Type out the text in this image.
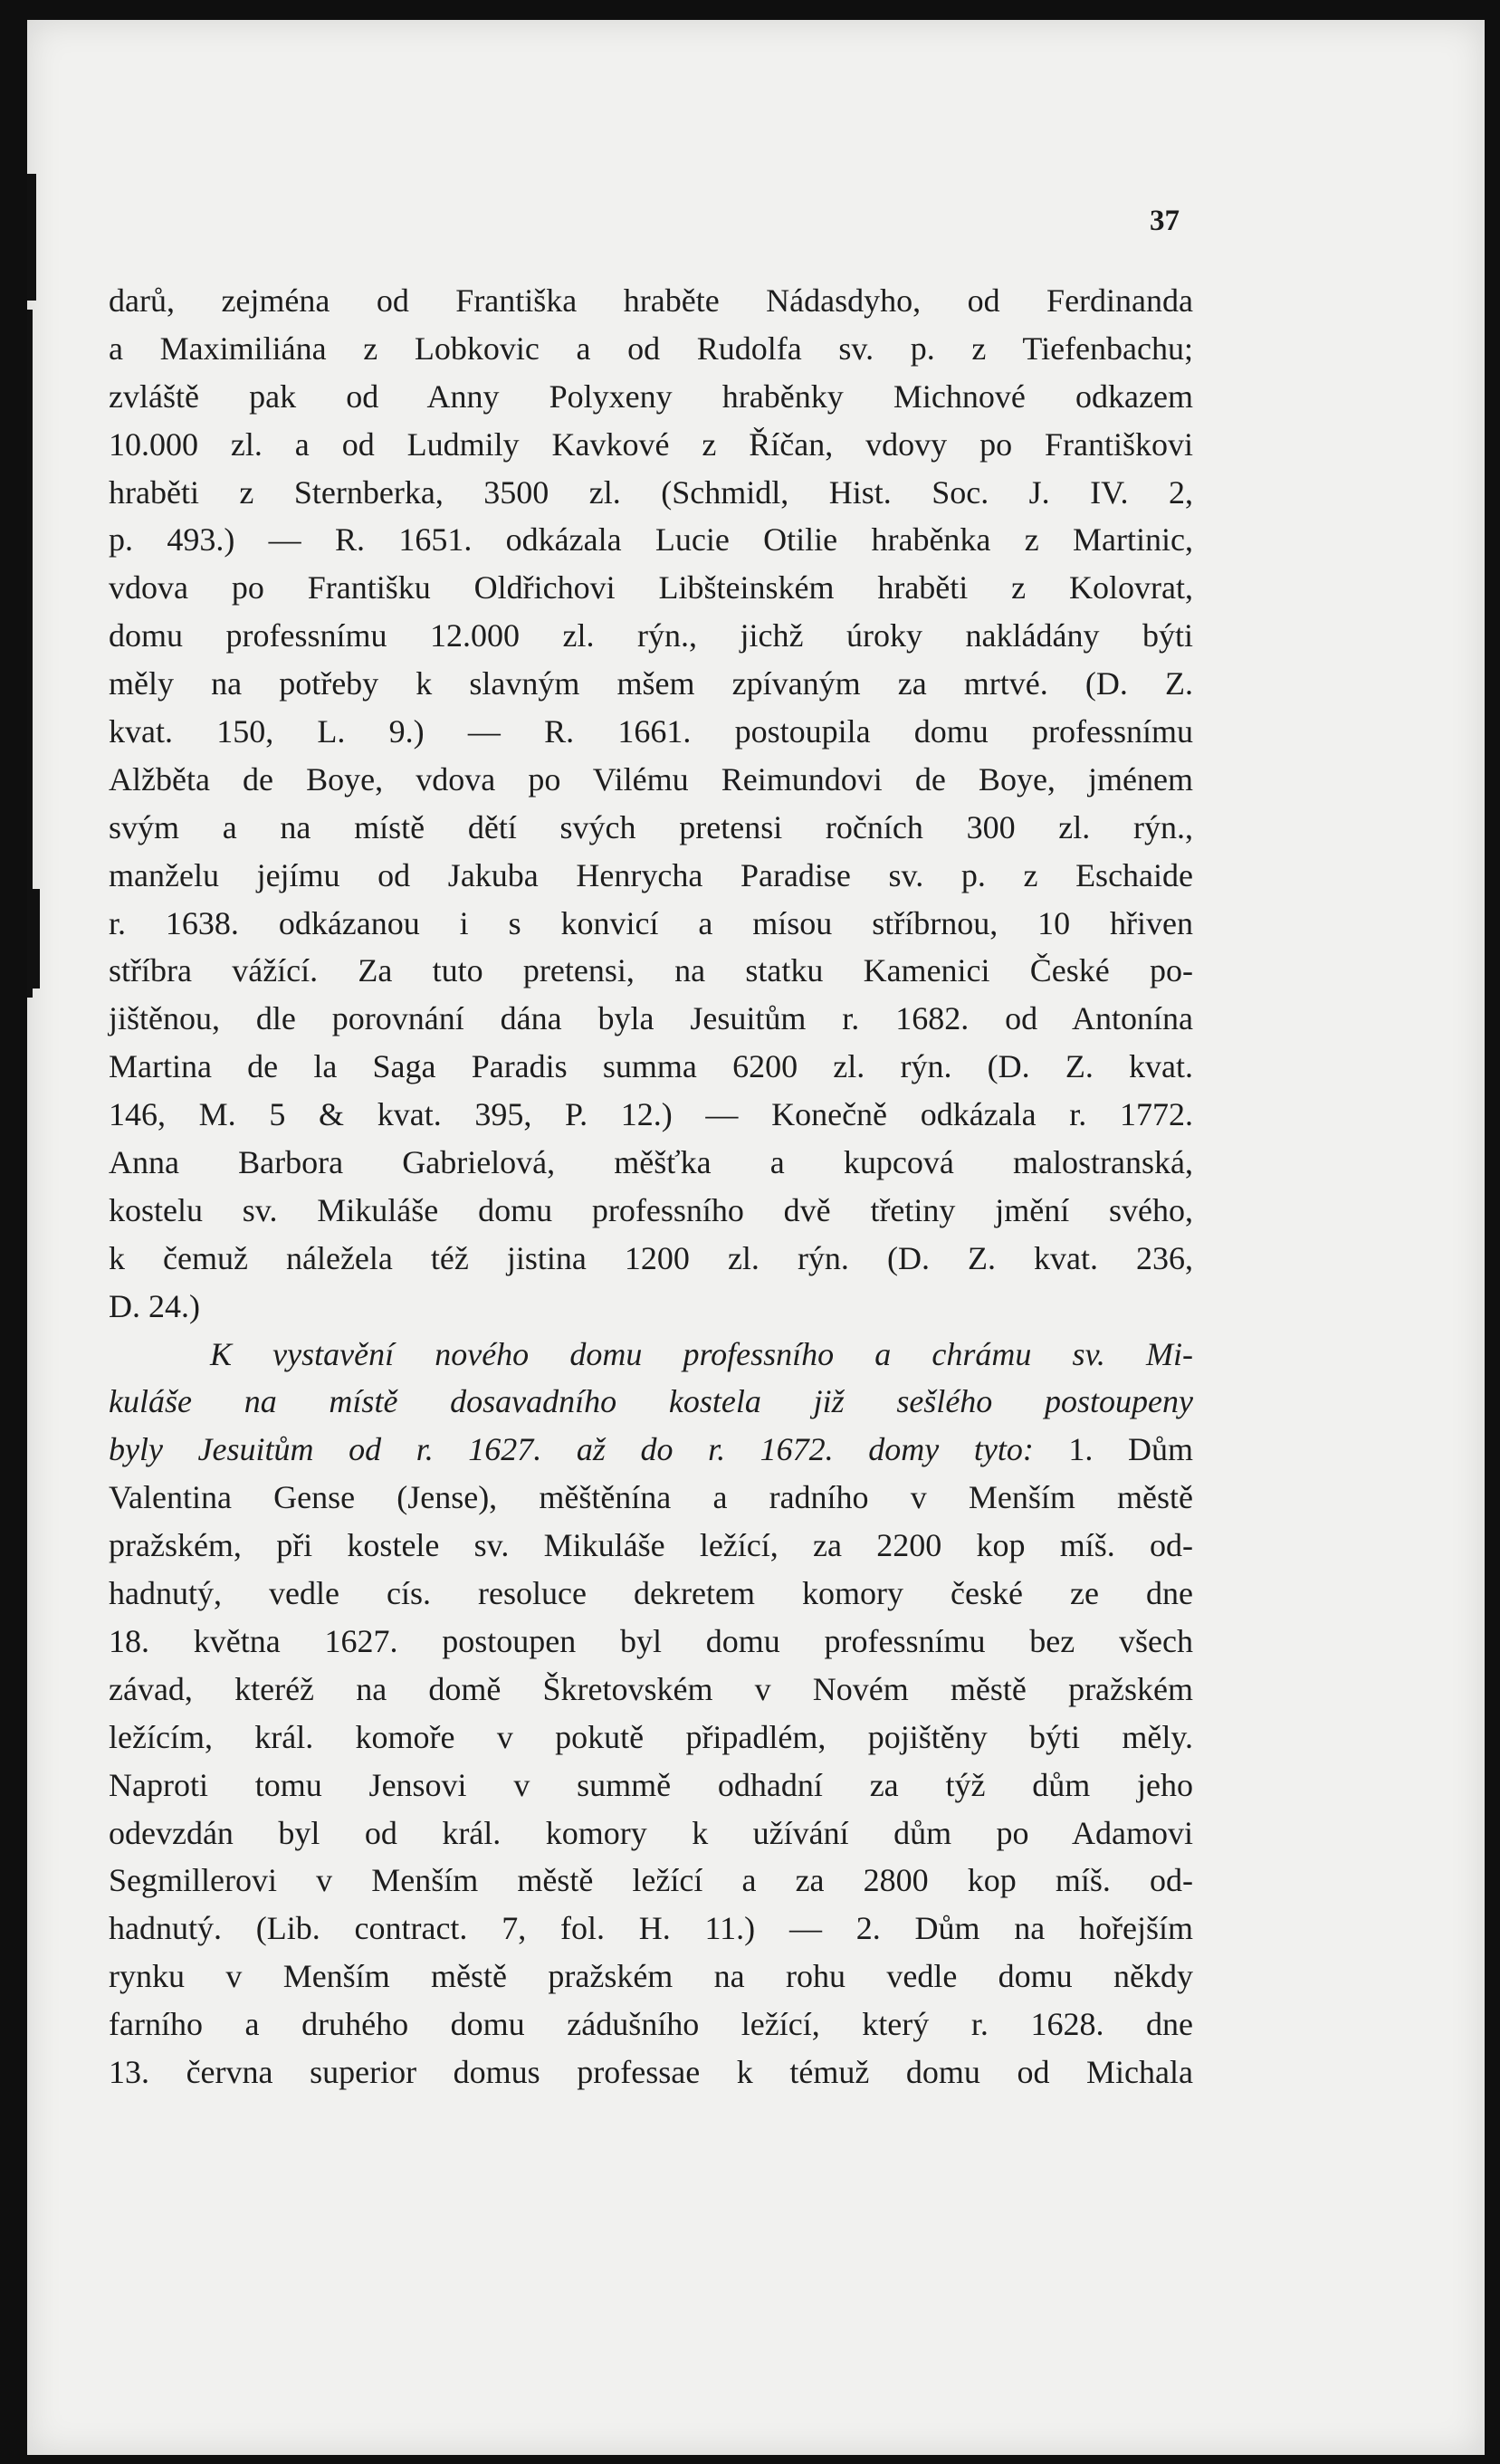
37
darů, zejména od Františka hraběte Nádasdyho, od Ferdinanda
a Maximiliána z Lobkovic a od Rudolfa sv. p. z Tiefenbachu;
zvláště pak od Anny Polyxeny hraběnky Michnové odkazem
10.000 zl. a od Ludmily Kavkové z Říčan, vdovy po Františkovi
hraběti z Sternberka, 3500 zl. (Schmidl, Hist. Soc. J. IV. 2,
p. 493.) — R. 1651. odkázala Lucie Otilie hraběnka z Martinic,
vdova po Františku Oldřichovi Libšteinském hraběti z Kolovrat,
domu professnímu 12.000 zl. rýn., jichž úroky nakládány býti
měly na potřeby k slavným mšem zpívaným za mrtvé. (D. Z.
kvat. 150, L. 9.) — R. 1661. postoupila domu professnímu
Alžběta de Boye, vdova po Vilému Reimundovi de Boye, jménem
svým a na místě dětí svých pretensi ročních 300 zl. rýn.,
manželu jejímu od Jakuba Henrycha Paradise sv. p. z Eschaide
r. 1638. odkázanou i s konvicí a mísou stříbrnou, 10 hřiven
stříbra vážící. Za tuto pretensi, na statku Kamenici České po-
jištěnou, dle porovnání dána byla Jesuitům r. 1682. od Antonína
Martina de la Saga Paradis summa 6200 zl. rýn. (D. Z. kvat.
146, M. 5 & kvat. 395, P. 12.) — Konečně odkázala r. 1772.
Anna Barbora Gabrielová, měšťka a kupcová malostranská,
kostelu sv. Mikuláše domu professního dvě třetiny jmění svého,
k čemuž náležela též jistina 1200 zl. rýn. (D. Z. kvat. 236,
D. 24.)
K vystavění nového domu professního a chrámu sv. Mi-
kuláše na místě dosavadního kostela již sešlého postoupeny
byly Jesuitům od r. 1627. až do r. 1672. domy tyto: 1. Dům
Valentina Gense (Jense), měštěnína a radního v Menším městě
pražském, při kostele sv. Mikuláše ležící, za 2200 kop míš. od-
hadnutý, vedle cís. resoluce dekretem komory české ze dne
18. května 1627. postoupen byl domu professnímu bez všech
závad, kteréž na domě Škretovském v Novém městě pražském
ležícím, král. komoře v pokutě připadlém, pojištěny býti měly.
Naproti tomu Jensovi v summě odhadní za týž dům jeho
odevzdán byl od král. komory k užívání dům po Adamovi
Segmillerovi v Menším městě ležící a za 2800 kop míš. od-
hadnutý. (Lib. contract. 7, fol. H. 11.) — 2. Dům na hořejším
rynku v Menším městě pražském na rohu vedle domu někdy
farního a druhého domu zádušního ležící, který r. 1628. dne
13. června superior domus professae k témuž domu od Michala
